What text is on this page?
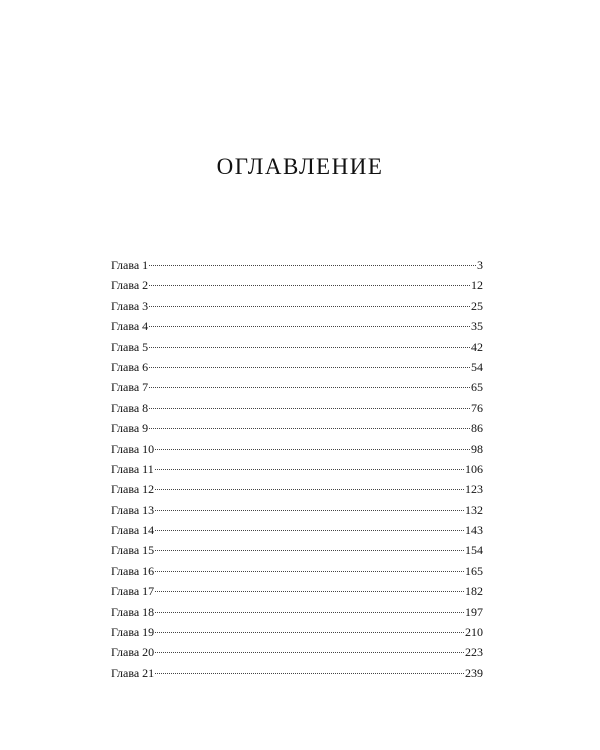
ОГЛАВЛЕНИЕ
Глава 1	3
Глава 2	12
Глава 3	25
Глава 4	35
Глава 5	42
Глава 6	54
Глава 7	65
Глава 8	76
Глава 9	86
Глава 10	98
Глава 11	106
Глава 12	123
Глава 13	132
Глава 14	143
Глава 15	154
Глава 16	165
Глава 17	182
Глава 18	197
Глава 19	210
Глава 20	223
Глава 21	239
